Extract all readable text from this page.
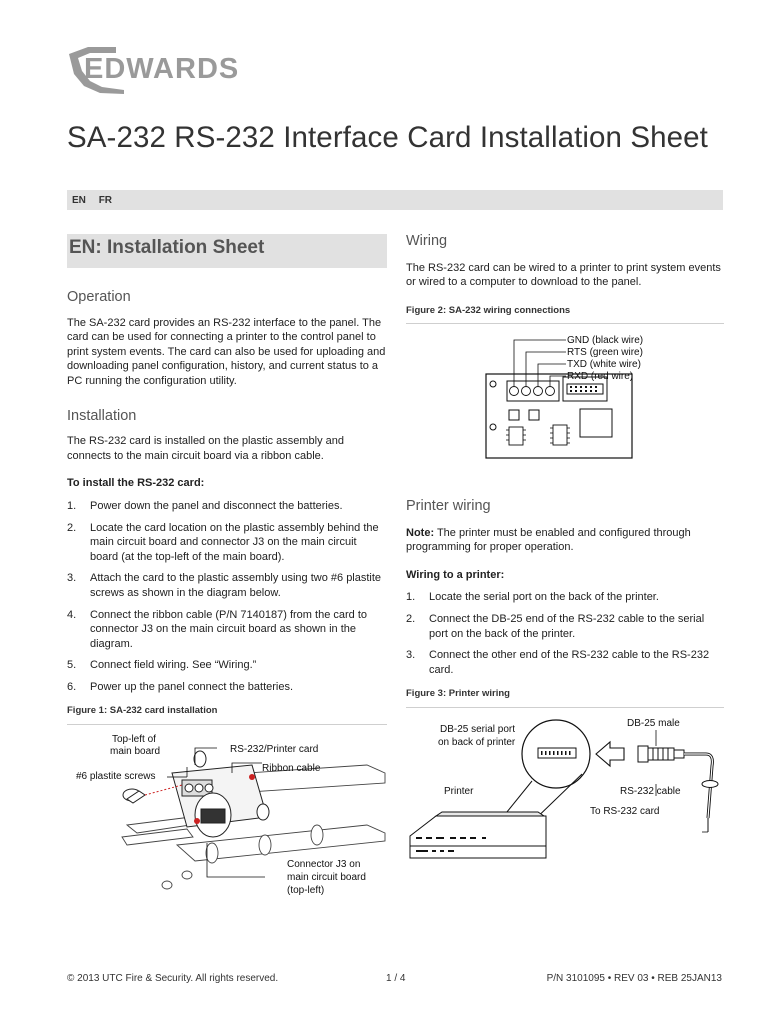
EDWARDS
SA-232 RS-232 Interface Card Installation Sheet
EN FR
EN: Installation Sheet
Operation

The SA-232 card provides an RS-232 interface to the panel. The card can be used for connecting a printer to the control panel to print system events. The card can also be used for uploading and downloading panel configuration, history, and current status to a PC running the configuration utility.

Installation

The RS-232 card is installed on the plastic assembly and connects to the main circuit board via a ribbon cable.

To install the RS-232 card:

1. Power down the panel and disconnect the batteries.
2. Locate the card location on the plastic assembly behind the main circuit board and connector J3 on the main circuit board (at the top-left of the main board).
3. Attach the card to the plastic assembly using two #6 plastite screws as shown in the diagram below.
4. Connect the ribbon cable (P/N 7140187) from the card to connector J3 on the main circuit board as shown in the diagram.
5. Connect field wiring. See “Wiring.”
6. Power up the panel connect the batteries.
Figure 1: SA-232 card installation
Top-left of
main board	RS-232/Printer card
Ribbon cable
#6 plastite screws
Connector J3 on
main circuit board
(top-left)
Wiring

The RS-232 card can be wired to a printer to print system events or wired to a computer to download to the panel.

Figure 2: SA-232 wiring connections
GND (black wire)
RTS (green wire)
TXD (white wire)
RXD (red wire)
Printer wiring

Note: The printer must be enabled and configured through programming for proper operation.

Wiring to a printer:

1. Locate the serial port on the back of the printer.
2. Connect the DB-25 end of the RS-232 cable to the serial port on the back of the printer.
3. Connect the other end of the RS-232 cable to the RS-232 card.
Figure 3: Printer wiring
DB-25 serial port
on back of printer
DB-25 male
Printer	RS-232 cable
To RS-232 card
© 2013 UTC Fire & Security. All rights reserved.	1 / 4	P/N 3101095 • REV 03 • REB 25JAN13
